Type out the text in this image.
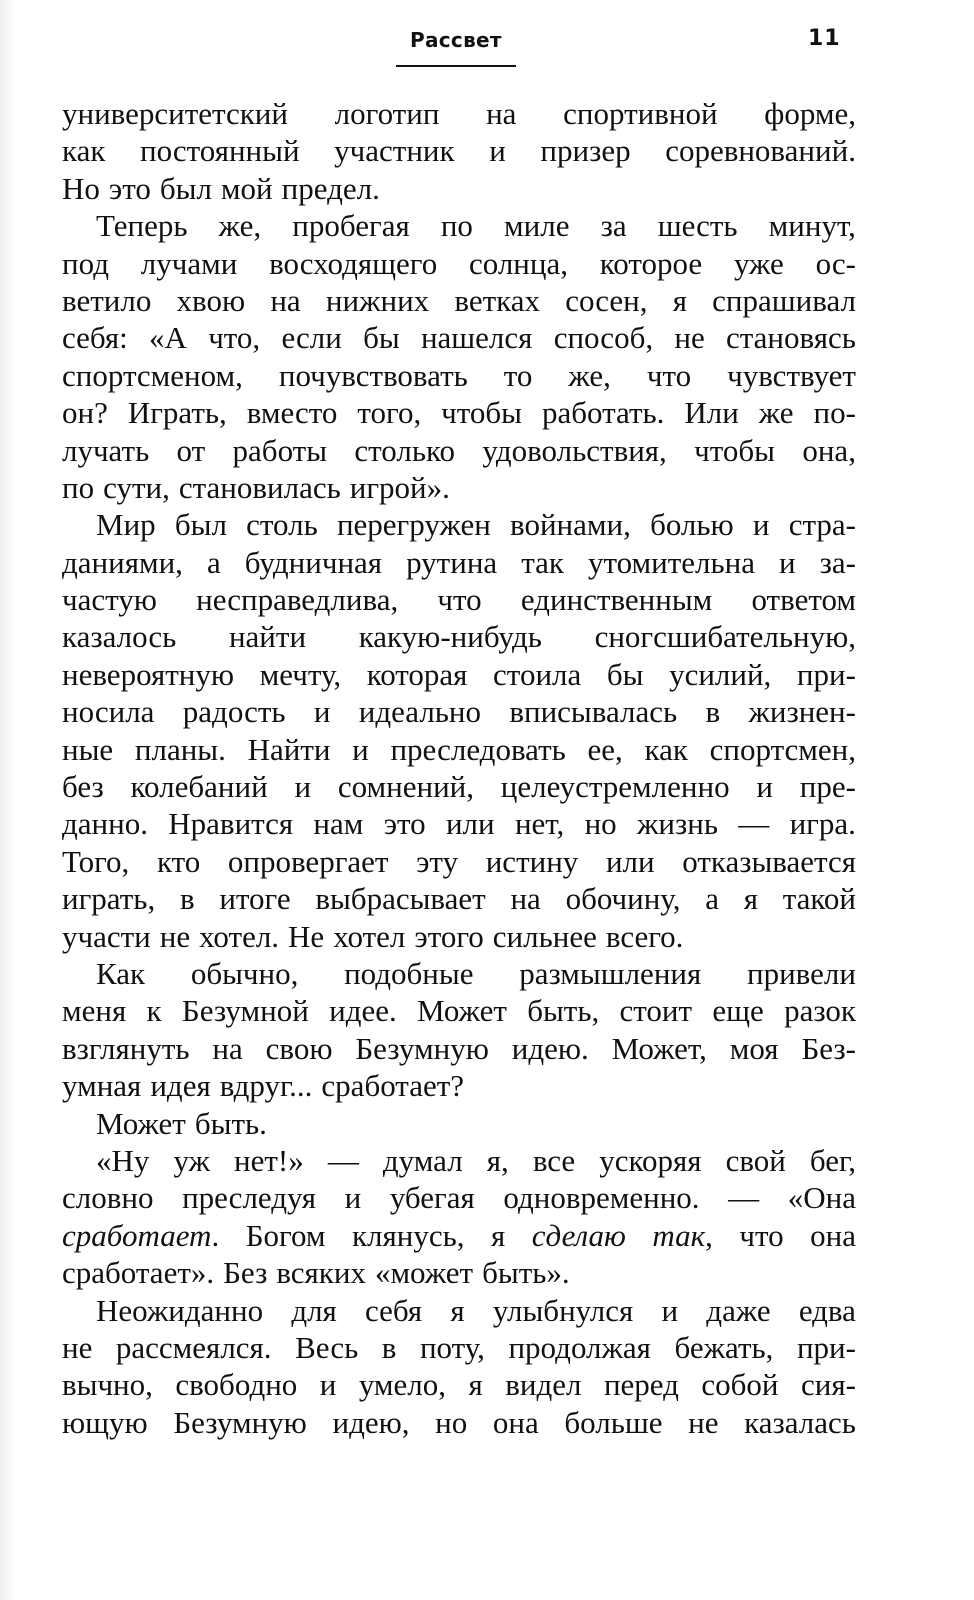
Рассвет	11
университетский логотип на спортивной форме,
как постоянный участник и призер соревнований.
Но это был мой предел.
Теперь же, пробегая по миле за шесть минут,
под лучами восходящего солнца, которое уже ос-
ветило хвою на нижних ветках сосен, я спрашивал
себя: «А что, если бы нашелся способ, не становясь
спортсменом, почувствовать то же, что чувствует
он? Играть, вместо того, чтобы работать. Или же по-
лучать от работы столько удовольствия, чтобы она,
по сути, становилась игрой».
Мир был столь перегружен войнами, болью и стра-
даниями, а будничная рутина так утомительна и за-
частую несправедлива, что единственным ответом
казалось найти какую-нибудь сногсшибательную,
невероятную мечту, которая стоила бы усилий, при-
носила радость и идеально вписывалась в жизнен-
ные планы. Найти и преследовать ее, как спортсмен,
без колебаний и сомнений, целеустремленно и пре-
данно. Нравится нам это или нет, но жизнь — игра.
Того, кто опровергает эту истину или отказывается
играть, в итоге выбрасывает на обочину, а я такой
участи не хотел. Не хотел этого сильнее всего.
Как обычно, подобные размышления привели
меня к Безумной идее. Может быть, стоит еще разок
взглянуть на свою Безумную идею. Может, моя Без-
умная идея вдруг... сработает?
Может быть.
«Ну уж нет!» — думал я, все ускоряя свой бег,
словно преследуя и убегая одновременно. — «Она
сработает. Богом клянусь, я сделаю так, что она
сработает». Без всяких «может быть».
Неожиданно для себя я улыбнулся и даже едва
не рассмеялся. Весь в поту, продолжая бежать, при-
вычно, свободно и умело, я видел перед собой сия-
ющую Безумную идею, но она больше не казалась
